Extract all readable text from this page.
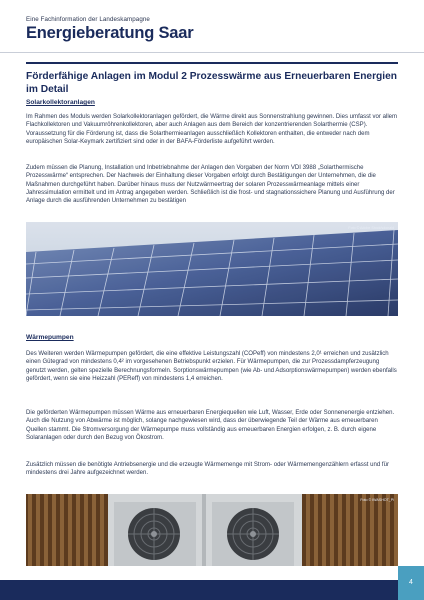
Eine Fachinformation der Landeskampagne
Energieberatung Saar
Förderfähige Anlagen im Modul 2 Prozesswärme aus Erneuerbaren Energien im Detail
Solarkollektoranlagen

Im Rahmen des Moduls werden Solarkollektoranlagen gefördert, die Wärme direkt aus Sonnenstrahlung gewinnen. Dies umfasst vor allem Flachkollektoren und Vakuumröhrenkollektoren, aber auch Anlagen aus dem Bereich der konzentrierenden Solarthermie (CSP). Voraussetzung für die Förderung ist, dass die Solarthermieanlagen ausschließlich Kollektoren enthalten, die entweder nach dem europäischen Solar-Keymark zertifiziert sind oder in der BAFA-Förderliste aufgeführt werden.

Zudem müssen die Planung, Installation und Inbetriebnahme der Anlagen den Vorgaben der Norm VDI 3988 „Solarthermische Prozesswärme“ entsprechen. Der Nachweis der Einhaltung dieser Vorgaben erfolgt durch Bestätigungen der Unternehmen, die die Maßnahmen durchgeführt haben. Darüber hinaus muss der Nutzwärmeertrag der solaren Prozesswärmeanlage mittels einer Jahressimulation ermittelt und im Antrag angegeben werden. Schließlich ist die frost- und stagnationssichere Planung und Ausführung der Anlage durch die ausführenden Unternehmen zu bestätigen

Foto © Adobe Stock/sdonald
Wärmepumpen

Des Weiteren werden Wärmepumpen gefördert, die eine effektive Leistungszahl (COPeff) von mindestens 2,0¹ erreichen und zusätzlich einen Gütegrad von mindestens 0,4² im vorgesehenen Betriebspunkt erzielen. Für Wärmepumpen, die zur Prozessdampferzeugung genutzt werden, gelten spezielle Berechnungsformeln. Sorptionswärmepumpen (wie Ab- und Adsorptionswärmepumpen) werden ebenfalls gefördert, wenn sie eine Heizzahl (PEReff) von mindestens 1,4 erreichen.

Die geförderten Wärmepumpen müssen Wärme aus erneuerbaren Energiequellen wie Luft, Wasser, Erde oder Sonnenenergie entziehen. Auch die Nutzung von Abwärme ist möglich, solange nachgewiesen wird, dass der überwiegende Teil der Wärme aus erneuerbaren Quellen stammt. Die Stromversorgung der Wärmepumpe muss vollständig aus erneuerbaren Energien erfolgen, z. B. durch eigene Solaranlagen oder durch den Bezug von Ökostrom.

Zusätzlich müssen die benötigte Antriebsenergie und die erzeugte Wärmemenge mit Strom- oder Wärmemengenzählern erfasst und für mindestens drei Jahre aufgezeichnet werden.

Foto © IWASHOT_Pi
4
